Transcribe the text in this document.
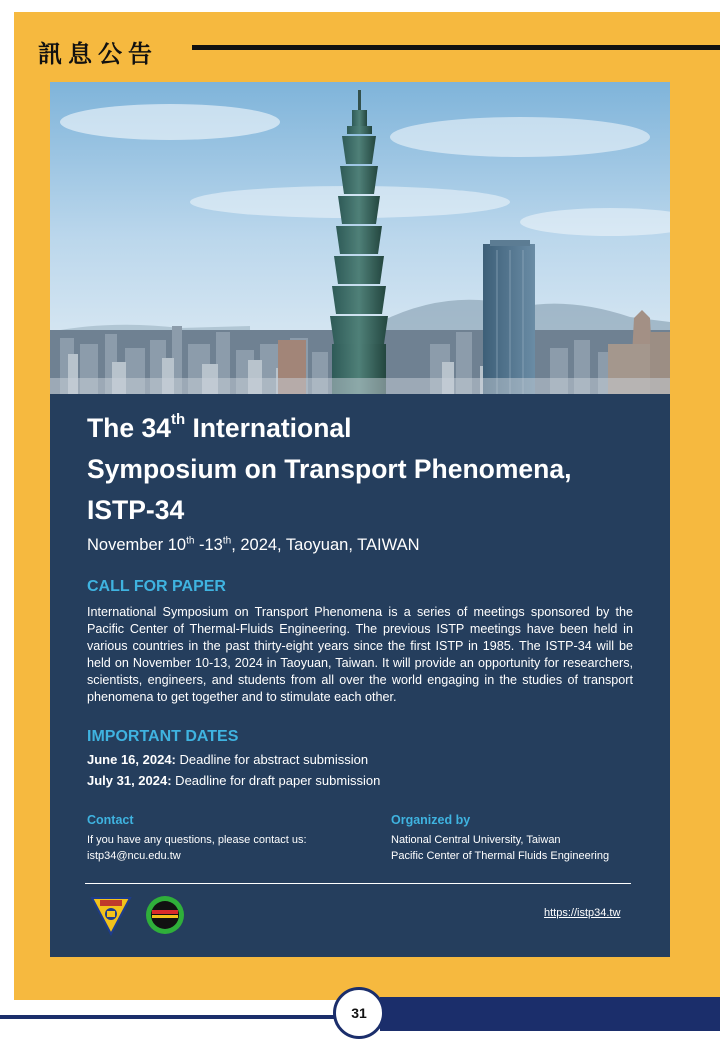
訊息公告
The 34th International
Symposium on Transport Phenomena,
ISTP-34
November 10th -13th, 2024, Taoyuan, TAIWAN
CALL FOR PAPER
International Symposium on Transport Phenomena is a series of meetings sponsored by the Pacific Center of Thermal-Fluids Engineering. The previous ISTP meetings have been held in various countries in the past thirty-eight years since the first ISTP in 1985. The ISTP-34 will be held on November 10-13, 2024 in Taoyuan, Taiwan. It will provide an opportunity for researchers, scientists, engineers, and students from all over the world engaging in the studies of transport phenomena to get together and to stimulate each other.
IMPORTANT DATES
June 16, 2024: Deadline for abstract submission
July 31, 2024: Deadline for draft paper submission
Contact
If you have any questions, please contact us:
istp34@ncu.edu.tw
Organized by
National Central University, Taiwan
Pacific Center of Thermal Fluids Engineering
https://istp34.tw
31
